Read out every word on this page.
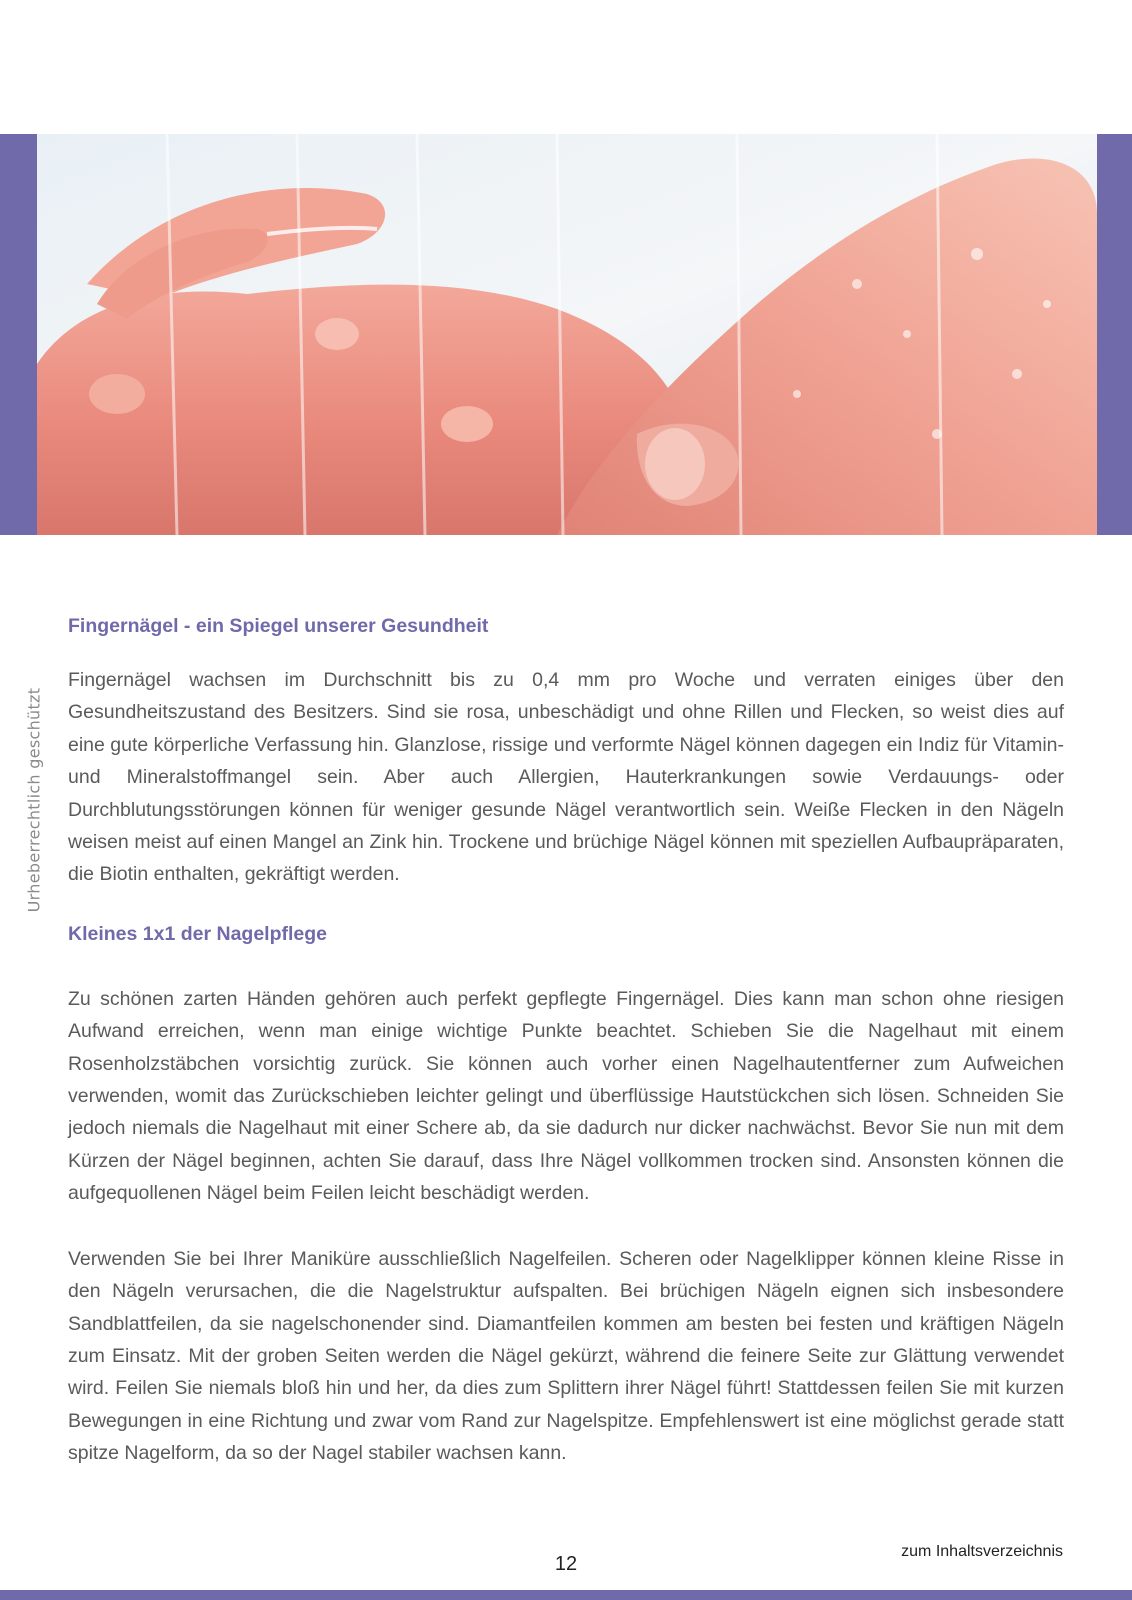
Urheberrechtlich geschützt
Fingernägel - ein Spiegel unserer Gesundheit

Fingernägel wachsen im Durchschnitt bis zu 0,4 mm pro Woche und verraten einiges über den Gesundheitszustand des Besitzers. Sind sie rosa, unbeschädigt und ohne Rillen und Flecken, so weist dies auf eine gute körperliche Verfassung hin. Glanzlose, rissige und verformte Nägel können dagegen ein Indiz für Vitamin- und Mineralstoffmangel sein. Aber auch Allergien, Hauterkrankungen sowie Verdauungs- oder Durchblutungsstörungen können für weniger gesunde Nägel verantwortlich sein. Weiße Flecken in den Nägeln weisen meist auf einen Mangel an Zink hin. Trockene und brüchige Nägel können mit speziellen Aufbaupräparaten, die Biotin enthalten, gekräftigt werden.

Kleines 1x1 der Nagelpflege

Zu schönen zarten Händen gehören auch perfekt gepflegte Fingernägel. Dies kann man schon ohne riesigen Aufwand erreichen, wenn man einige wichtige Punkte beachtet. Schieben Sie die Nagelhaut mit einem Rosenholzstäbchen vorsichtig zurück. Sie können auch vorher einen Nagelhautentferner zum Aufweichen verwenden, womit das Zurückschieben leichter gelingt und überflüssige Hautstückchen sich lösen. Schneiden Sie jedoch niemals die Nagelhaut mit einer Schere ab, da sie dadurch nur dicker nachwächst. Bevor Sie nun mit dem Kürzen der Nägel beginnen, achten Sie darauf, dass Ihre Nägel vollkommen trocken sind. Ansonsten können die aufgequollenen Nägel beim Feilen leicht beschädigt werden.

Verwenden Sie bei Ihrer Maniküre ausschließlich Nagelfeilen. Scheren oder Nagelklipper können kleine Risse in den Nägeln verursachen, die die Nagelstruktur aufspalten. Bei brüchigen Nägeln eignen sich insbesondere Sandblattfeilen, da sie nagelschonender sind. Diamantfeilen kommen am besten bei festen und kräftigen Nägeln zum Einsatz. Mit der groben Seiten werden die Nägel gekürzt, während die feinere Seite zur Glättung verwendet wird. Feilen Sie niemals bloß hin und her, da dies zum Splittern ihrer Nägel führt! Stattdessen feilen Sie mit kurzen Bewegungen in eine Richtung und zwar vom Rand zur Nagelspitze. Empfehlenswert ist eine möglichst gerade statt spitze Nagelform, da so der Nagel stabiler wachsen kann.

12
zum Inhaltsverzeichnis
